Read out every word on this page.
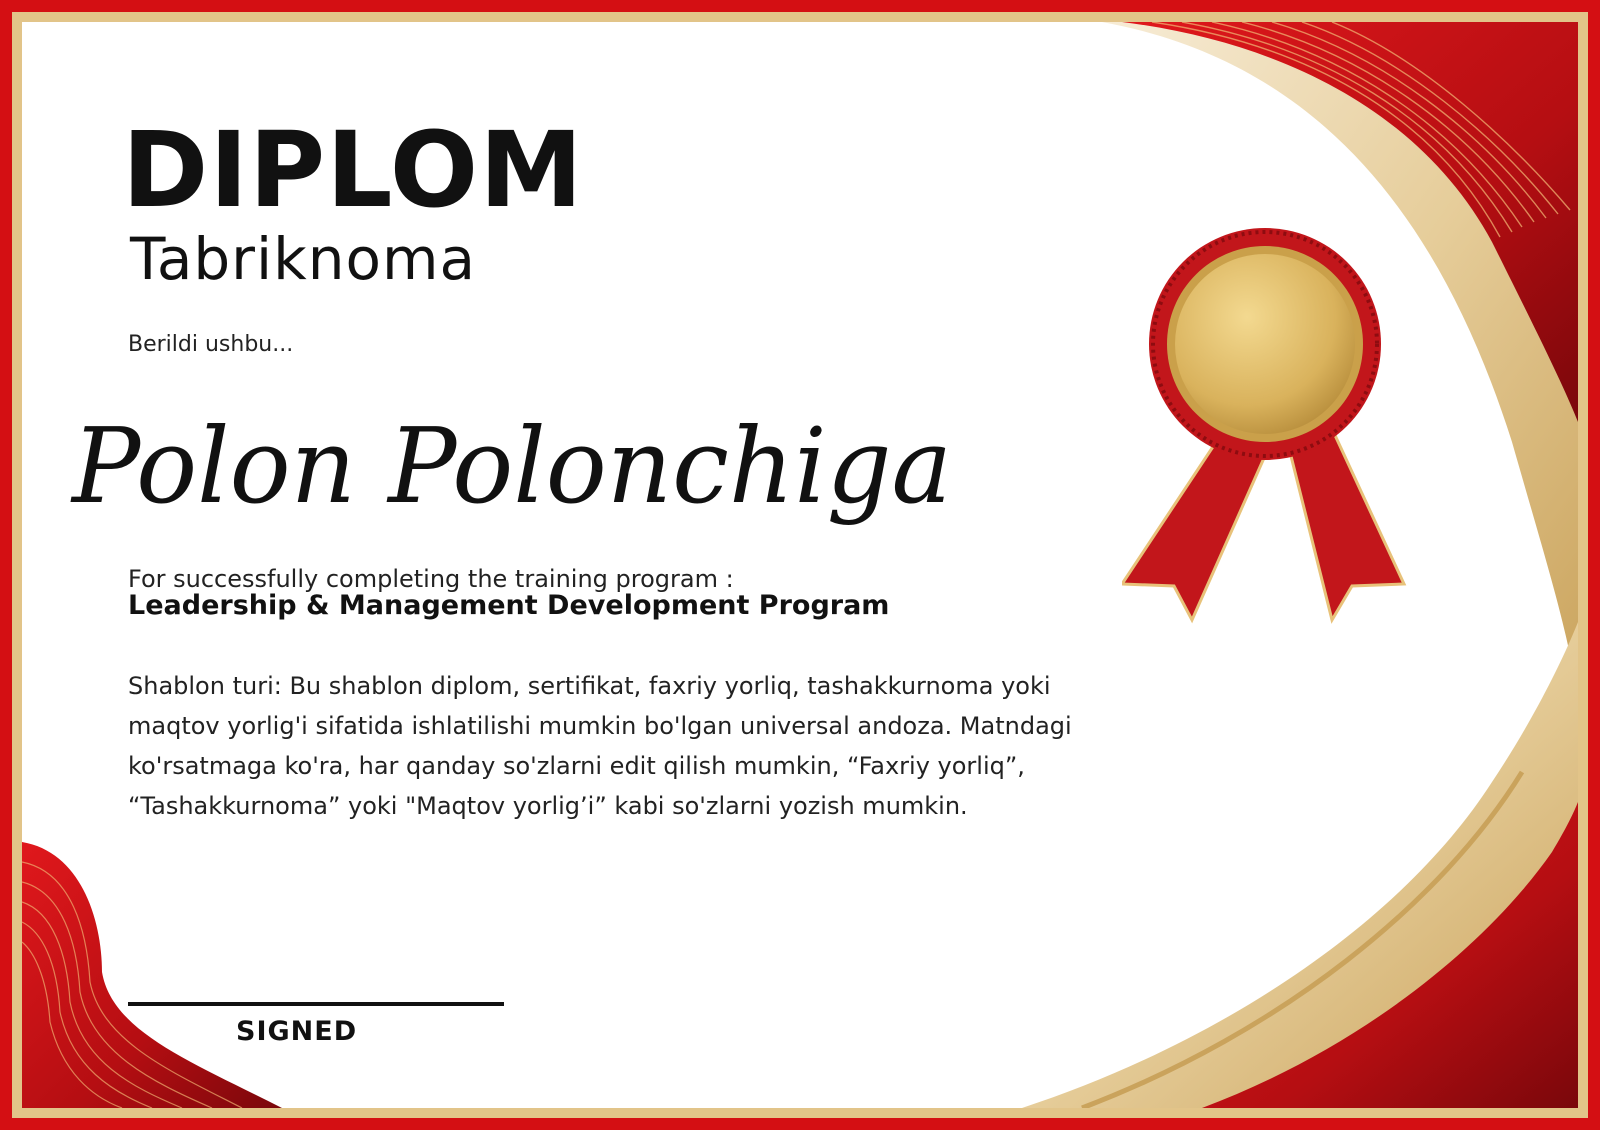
DIPLOM
Tabriknoma
Berildi ushbu...
Polon Polonchiga
For successfully completing the training program :
Leadership & Management Development Program

Shablon turi: Bu shablon diplom, sertifikat, faxriy yorliq, tashakkurnoma yoki maqtov yorlig'i sifatida ishlatilishi mumkin bo'lgan universal andoza. Matndagi ko'rsatmaga ko'ra, har qanday so'zlarni edit qilish mumkin, “Faxriy yorliq”, “Tashakkurnoma” yoki "Maqtov yorlig’i” kabi so'zlarni yozish mumkin.

SIGNED
